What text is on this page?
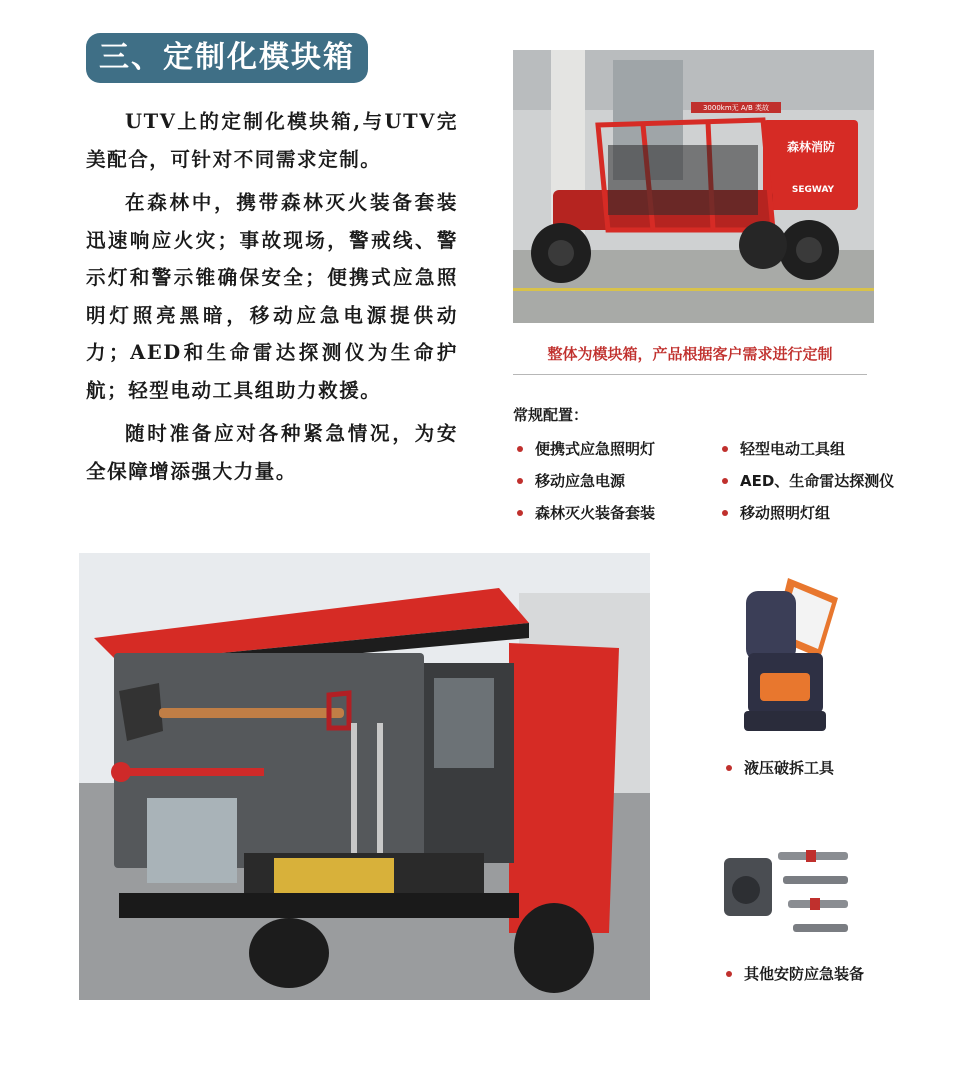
三、定制化模块箱

UTV上的定制化模块箱,与UTV完美配合，可针对不同需求定制。

在森林中，携带森林灭火装备套装迅速响应火灾；事故现场，警戒线、警示灯和警示锥确保安全；便携式应急照明灯照亮黑暗，移动应急电源提供动力；AED和生命雷达探测仪为生命护航；轻型电动工具组助力救援。

随时准备应对各种紧急情况，为安全保障增添强大力量。

3000km无 A/B 类故
森林消防
SEGWAY
整体为模块箱，产品根据客户需求进行定制
常规配置：
便携式应急照明灯	轻型电动工具组
移动应急电源	AED、生命雷达探测仪
森林灭火装备套装	移动照明灯组
液压破拆工具
其他安防应急装备
